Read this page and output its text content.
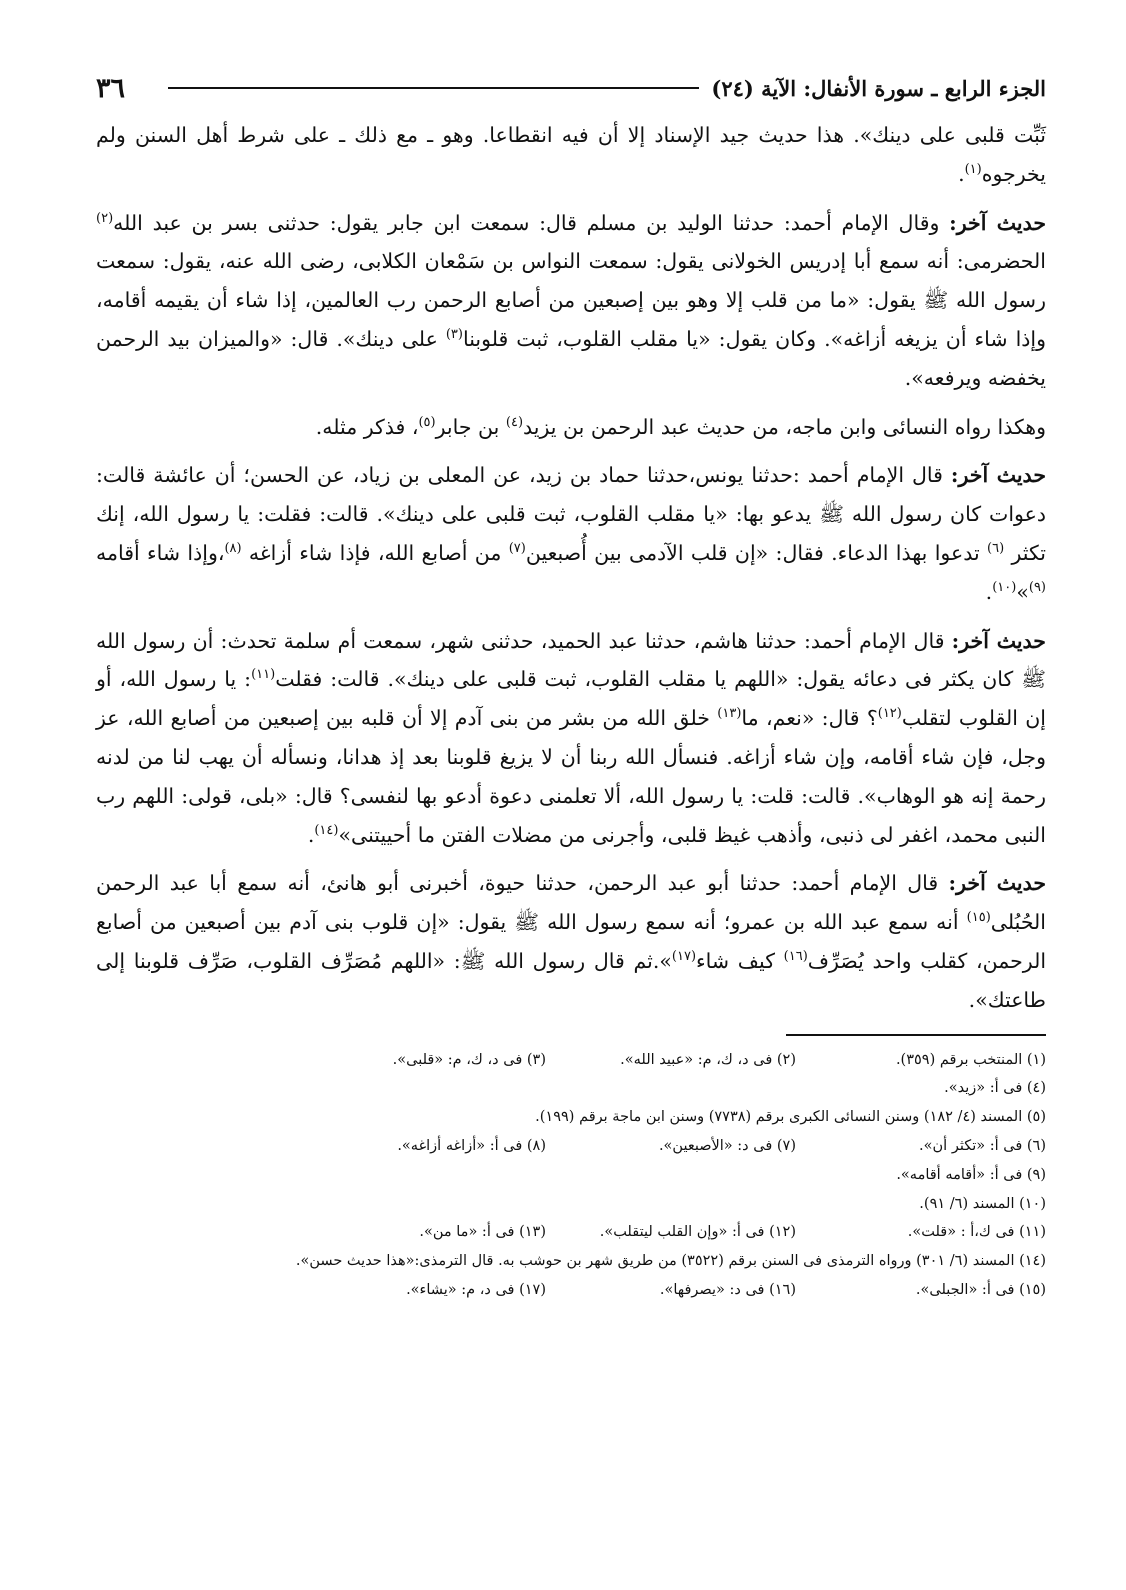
الجزء الرابع ـ سورة الأنفال: الآية (٢٤)
٣٦

ثَبِّت قلبى على دينك». هذا حديث جيد الإسناد إلا أن فيه انقطاعا. وهو ـ مع ذلك ـ على شرط أهل السنن ولم يخرجوه$^{(١)}$.

حديث آخر: وقال الإمام أحمد: حدثنا الوليد بن مسلم قال: سمعت ابن جابر يقول: حدثنى بسر بن عبد الله$^{(٢)}$ الحضرمى: أنه سمع أبا إدريس الخولانى يقول: سمعت النواس بن سَمْعان الكلابى، رضى الله عنه، يقول: سمعت رسول الله ﷺ يقول: «ما من قلب إلا وهو بين إصبعين من أصابع الرحمن رب العالمين، إذا شاء أن يقيمه أقامه، وإذا شاء أن يزيغه أزاغه». وكان يقول: «يا مقلب القلوب، ثبت قلوبنا$^{(٣)}$ على دينك». قال: «والميزان بيد الرحمن يخفضه ويرفعه».

وهكذا رواه النسائى وابن ماجه، من حديث عبد الرحمن بن يزيد$^{(٤)}$ بن جابر$^{(٥)}$، فذكر مثله.

حديث آخر: قال الإمام أحمد :حدثنا يونس،حدثنا حماد بن زيد، عن المعلى بن زياد، عن الحسن؛ أن عائشة قالت: دعوات كان رسول الله ﷺ يدعو بها: «يا مقلب القلوب، ثبت قلبى على دينك». قالت: فقلت: يا رسول الله، إنك تكثر $^{(٦)}$ تدعوا بهذا الدعاء. فقال: «إن قلب الآدمى بين أُصبعين$^{(٧)}$ من أصابع الله، فإذا شاء أزاغه $^{(٨)}$،وإذا شاء أقامه $^{(٩)}$»$^{(١٠)}$.

حديث آخر: قال الإمام أحمد: حدثنا هاشم، حدثنا عبد الحميد، حدثنى شهر، سمعت أم سلمة تحدث: أن رسول الله ﷺ كان يكثر فى دعائه يقول: «اللهم يا مقلب القلوب، ثبت قلبى على دينك». قالت: فقلت$^{(١١)}$: يا رسول الله، أو إن القلوب لتقلب$^{(١٢)}$؟ قال: «نعم، ما$^{(١٣)}$ خلق الله من بشر من بنى آدم إلا أن قلبه بين إصبعين من أصابع الله، عز وجل، فإن شاء أقامه، وإن شاء أزاغه. فنسأل الله ربنا أن لا يزيغ قلوبنا بعد إذ هدانا، ونسأله أن يهب لنا من لدنه رحمة إنه هو الوهاب». قالت: قلت: يا رسول الله، ألا تعلمنى دعوة أدعو بها لنفسى؟ قال: «بلى، قولى: اللهم رب النبى محمد، اغفر لى ذنبى، وأذهب غيظ قلبى، وأجرنى من مضلات الفتن ما أحييتنى»$^{(١٤)}$.

حديث آخر: قال الإمام أحمد: حدثنا أبو عبد الرحمن، حدثنا حيوة، أخبرنى أبو هانئ، أنه سمع أبا عبد الرحمن الحُبُلى$^{(١٥)}$ أنه سمع عبد الله بن عمرو؛ أنه سمع رسول الله ﷺ يقول: «إن قلوب بنى آدم بين أصبعين من أصابع الرحمن، كقلب واحد يُصَرِّف$^{(١٦)}$ كيف شاء$^{(١٧)}$».ثم قال رسول الله ﷺ: «اللهم مُصَرِّف القلوب، صَرِّف قلوبنا إلى طاعتك».

(١) المنتخب برقم (٣٥٩).
(٢) فى د، ك، م: «عبيد الله».
(٣) فى د، ك، م: «قلبى».
(٤) فى أ: «زيد».
(٥) المسند (٤/ ١٨٢) وسنن النسائى الكبرى برقم (٧٧٣٨) وسنن ابن ماجة برقم (١٩٩).
(٦) فى أ: «تكثر أن».
(٧) فى د: «الأصبعين».
(٨) فى أ: «أزاغه أزاغه».
(٩) فى أ: «أقامه أقامه».
(١٠) المسند (٦/ ٩١).
(١١) فى ك،أ : «قلت».
(١٢) فى أ: «وإن القلب ليتقلب».
(١٣) فى أ: «ما من».
(١٤) المسند (٦/ ٣٠١) ورواه الترمذى فى السنن برقم (٣٥٢٢) من طريق شهر بن حوشب به. قال الترمذى:«هذا حديث حسن».
(١٥) فى أ: «الجبلى».
(١٦) فى د: «يصرفها».
(١٧) فى د، م: «يشاء».
